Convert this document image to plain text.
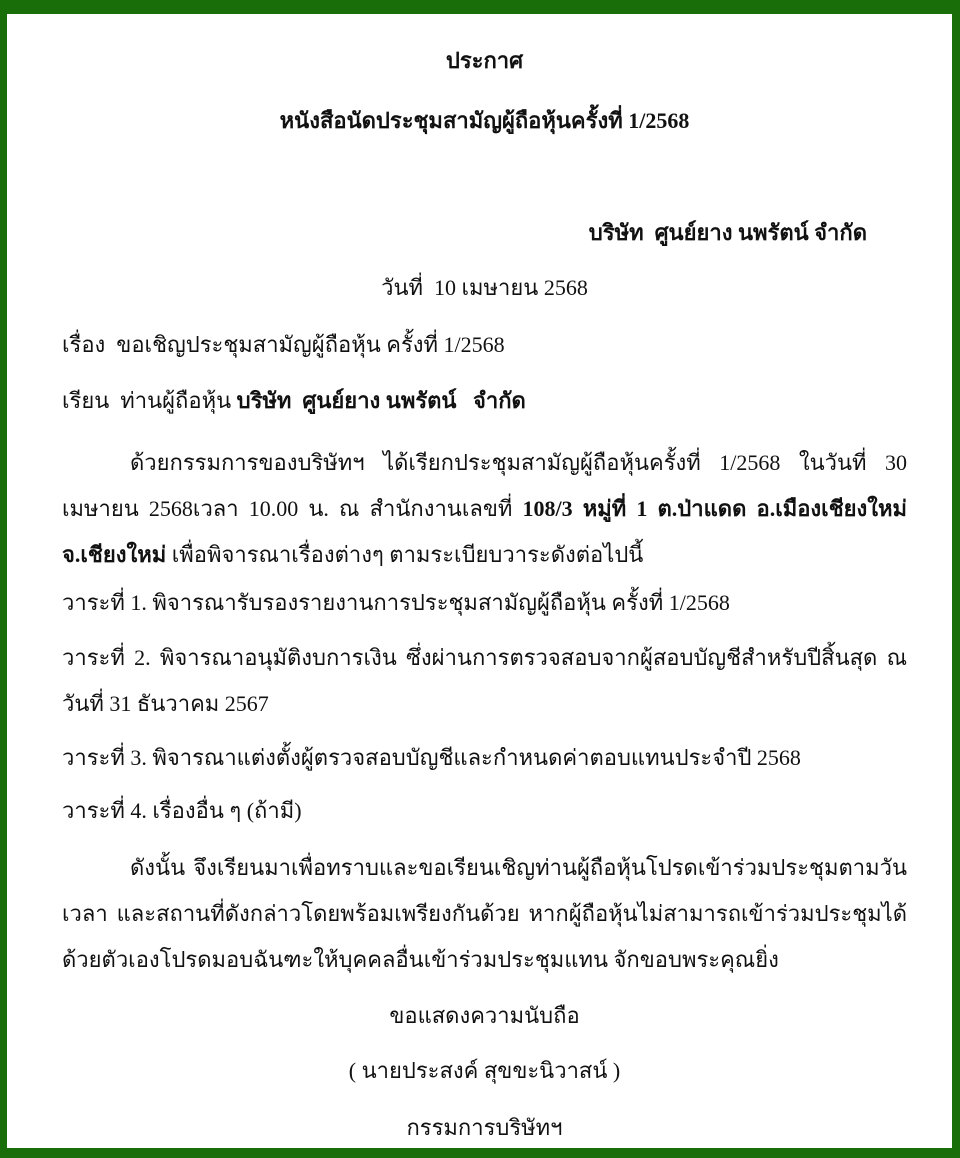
ประกาศ

หนังสือนัดประชุมสามัญผู้ถือหุ้นครั้งที่ 1/2568

บริษัท  ศูนย์ยาง นพรัตน์ จำกัด

วันที่  10 เมษายน 2568

เรื่อง  ขอเชิญประชุมสามัญผู้ถือหุ้น ครั้งที่ 1/2568

เรียน  ท่านผู้ถือหุ้น บริษัท  ศูนย์ยาง นพรัตน์   จำกัด

ด้วยกรรมการของบริษัทฯ ได้เรียกประชุมสามัญผู้ถือหุ้นครั้งที่ 1/2568 ในวันที่ 30 เมษายน 2568เวลา 10.00 น. ณ สำนักงานเลขที่ 108/3 หมู่ที่ 1 ต.ป่าแดด อ.เมืองเชียงใหม่ จ.เชียงใหม่ เพื่อพิจารณาเรื่องต่างๆ ตามระเบียบวาระดังต่อไปนี้

วาระที่ 1. พิจารณารับรองรายงานการประชุมสามัญผู้ถือหุ้น ครั้งที่ 1/2568

วาระที่ 2. พิจารณาอนุมัติงบการเงิน ซึ่งผ่านการตรวจสอบจากผู้สอบบัญชีสำหรับปีสิ้นสุด ณ วันที่ 31 ธันวาคม 2567

วาระที่ 3. พิจารณาแต่งตั้งผู้ตรวจสอบบัญชีและกำหนดค่าตอบแทนประจำปี 2568

วาระที่ 4. เรื่องอื่น ๆ (ถ้ามี)

ดังนั้น จึงเรียนมาเพื่อทราบและขอเรียนเชิญท่านผู้ถือหุ้นโปรดเข้าร่วมประชุมตามวัน เวลา และสถานที่ดังกล่าวโดยพร้อมเพรียงกันด้วย หากผู้ถือหุ้นไม่สามารถเข้าร่วมประชุมได้ด้วยตัวเองโปรดมอบฉันฑะให้บุคคลอื่นเข้าร่วมประชุมแทน จักขอบพระคุณยิ่ง

ขอแสดงความนับถือ

( นายประสงค์ สุขขะนิวาสน์ )

กรรมการบริษัทฯ
